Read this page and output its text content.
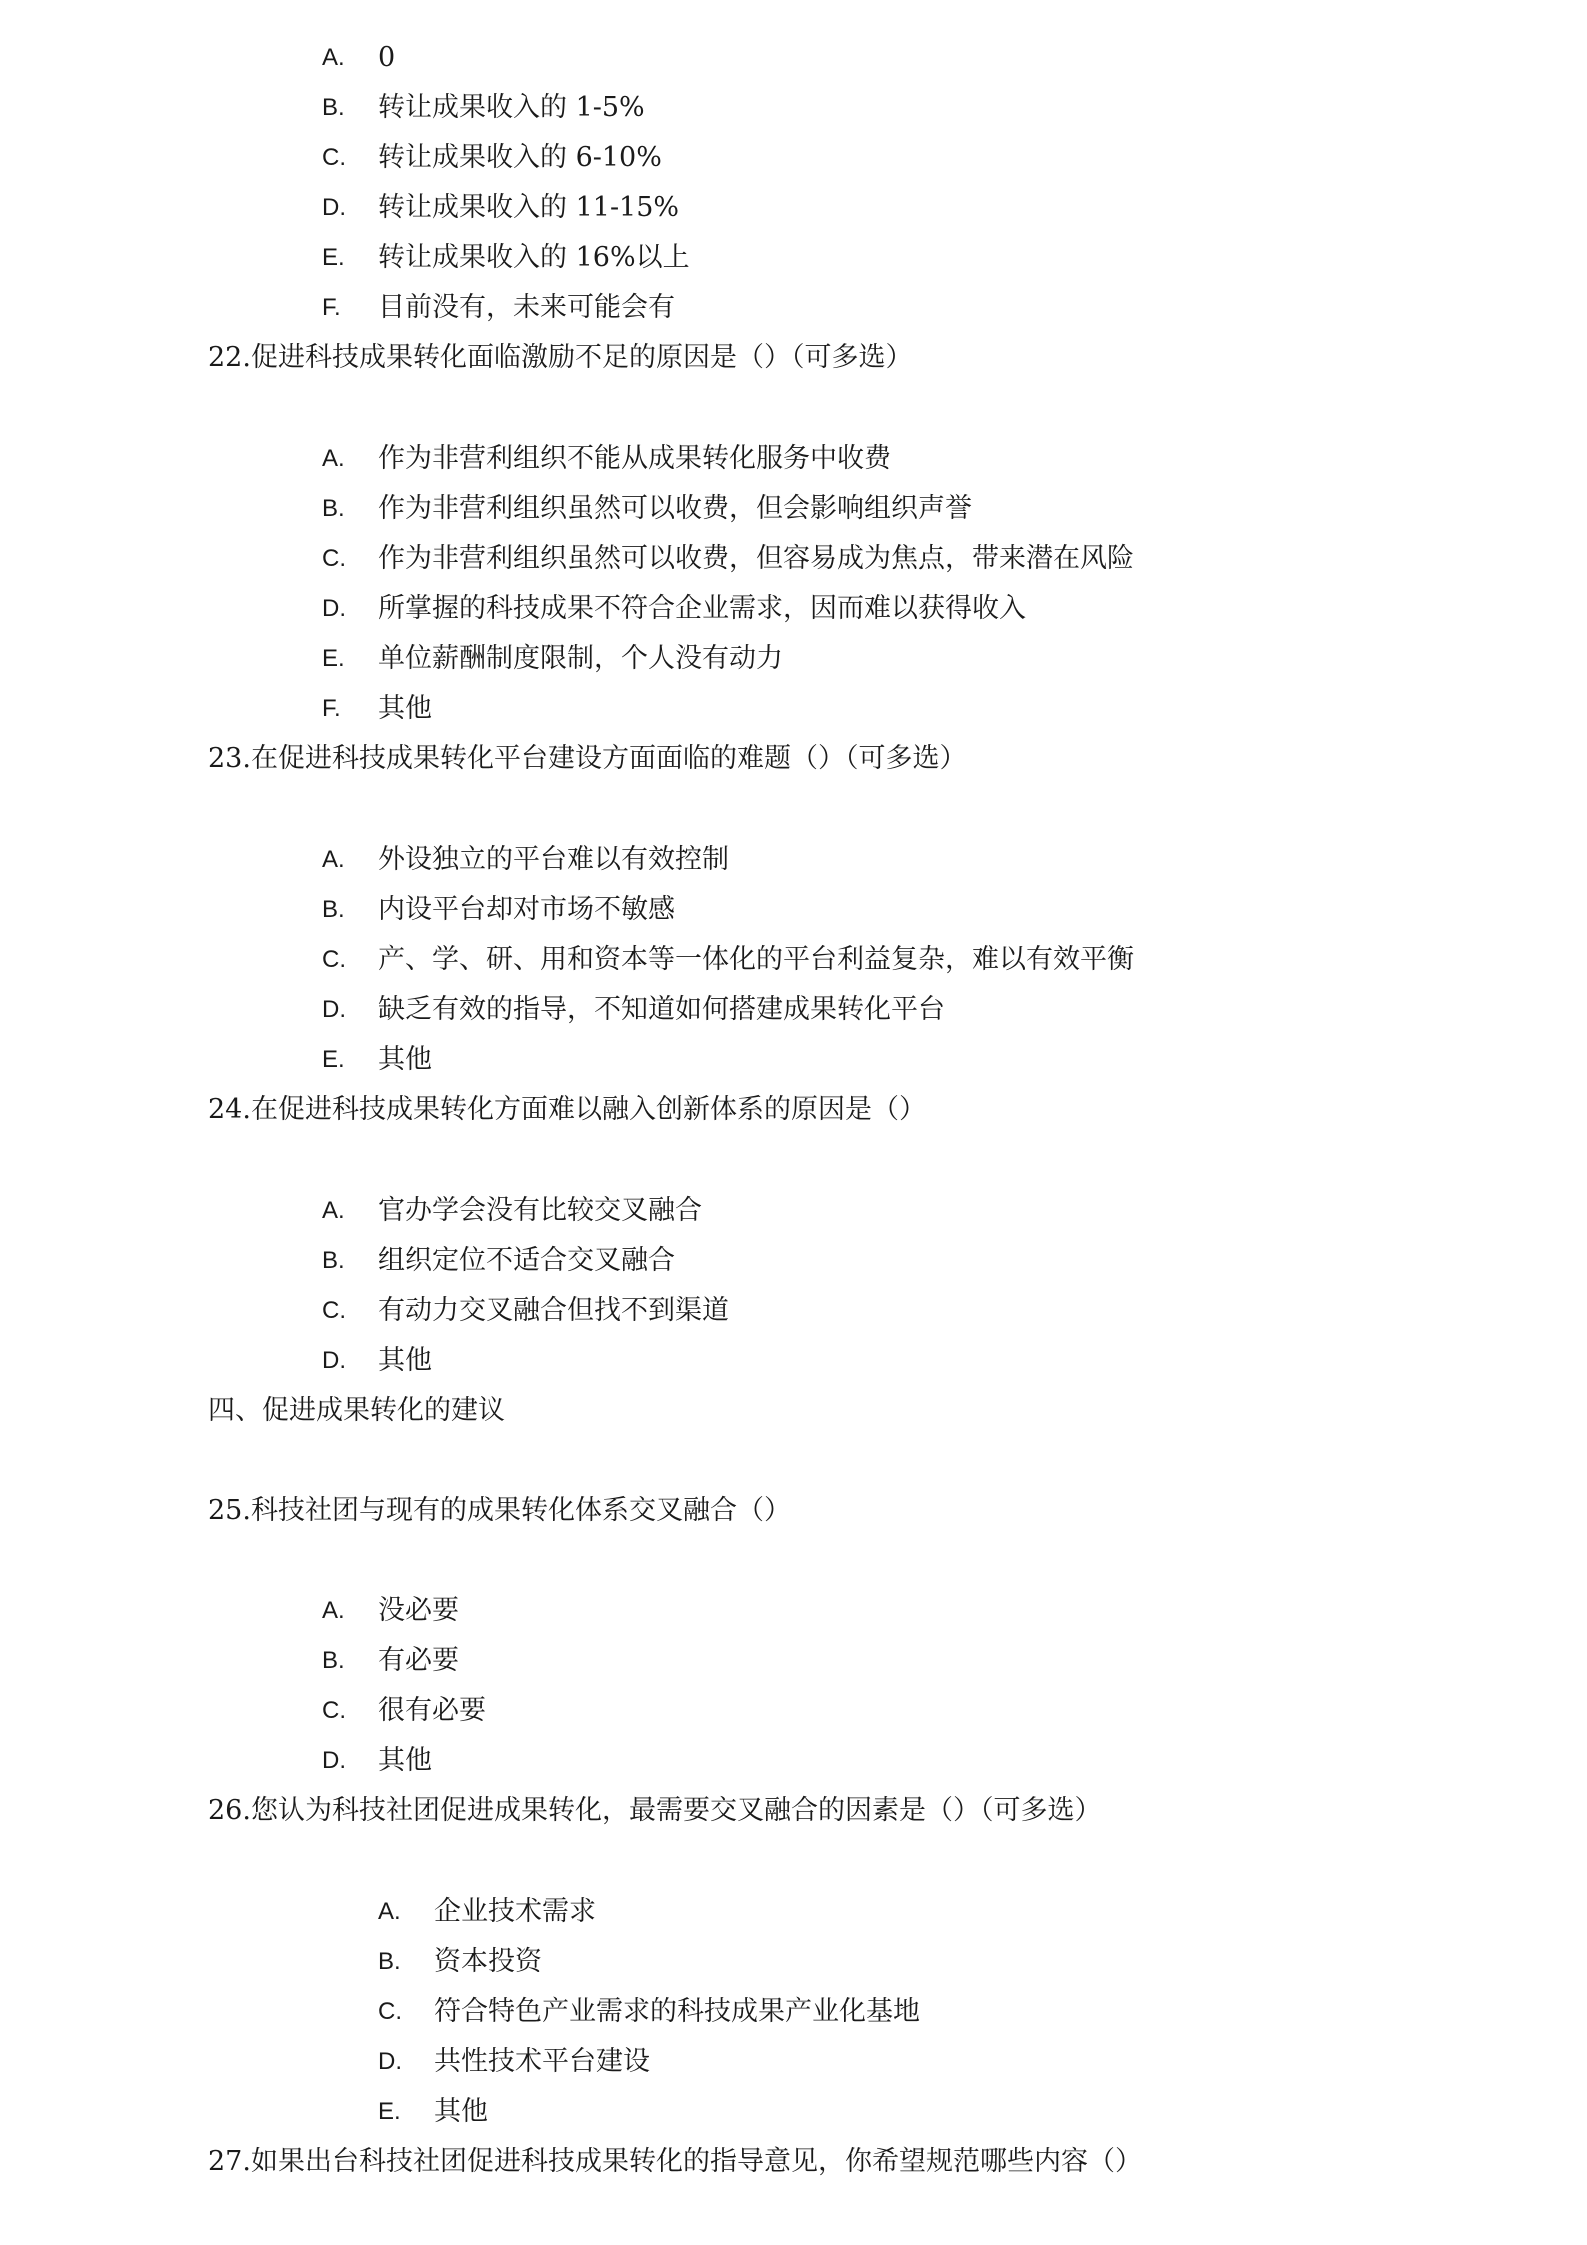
A. 0
B. 转让成果收入的 1-5%
C. 转让成果收入的 6-10%
D. 转让成果收入的 11-15%
E. 转让成果收入的 16%以上
F. 目前没有，未来可能会有
22.促进科技成果转化面临激励不足的原因是（）（可多选）
A. 作为非营利组织不能从成果转化服务中收费
B. 作为非营利组织虽然可以收费，但会影响组织声誉
C. 作为非营利组织虽然可以收费，但容易成为焦点，带来潜在风险
D. 所掌握的科技成果不符合企业需求，因而难以获得收入
E. 单位薪酬制度限制，个人没有动力
F. 其他
23.在促进科技成果转化平台建设方面面临的难题（）（可多选）
A. 外设独立的平台难以有效控制
B. 内设平台却对市场不敏感
C. 产、学、研、用和资本等一体化的平台利益复杂，难以有效平衡
D. 缺乏有效的指导，不知道如何搭建成果转化平台
E. 其他
24.在促进科技成果转化方面难以融入创新体系的原因是（）
A. 官办学会没有比较交叉融合
B. 组织定位不适合交叉融合
C. 有动力交叉融合但找不到渠道
D. 其他
四、促进成果转化的建议
25.科技社团与现有的成果转化体系交叉融合（）
A. 没必要
B. 有必要
C. 很有必要
D. 其他
26.您认为科技社团促进成果转化，最需要交叉融合的因素是（）（可多选）
A. 企业技术需求
B. 资本投资
C. 符合特色产业需求的科技成果产业化基地
D. 共性技术平台建设
E. 其他
27.如果出台科技社团促进科技成果转化的指导意见，你希望规范哪些内容（）
